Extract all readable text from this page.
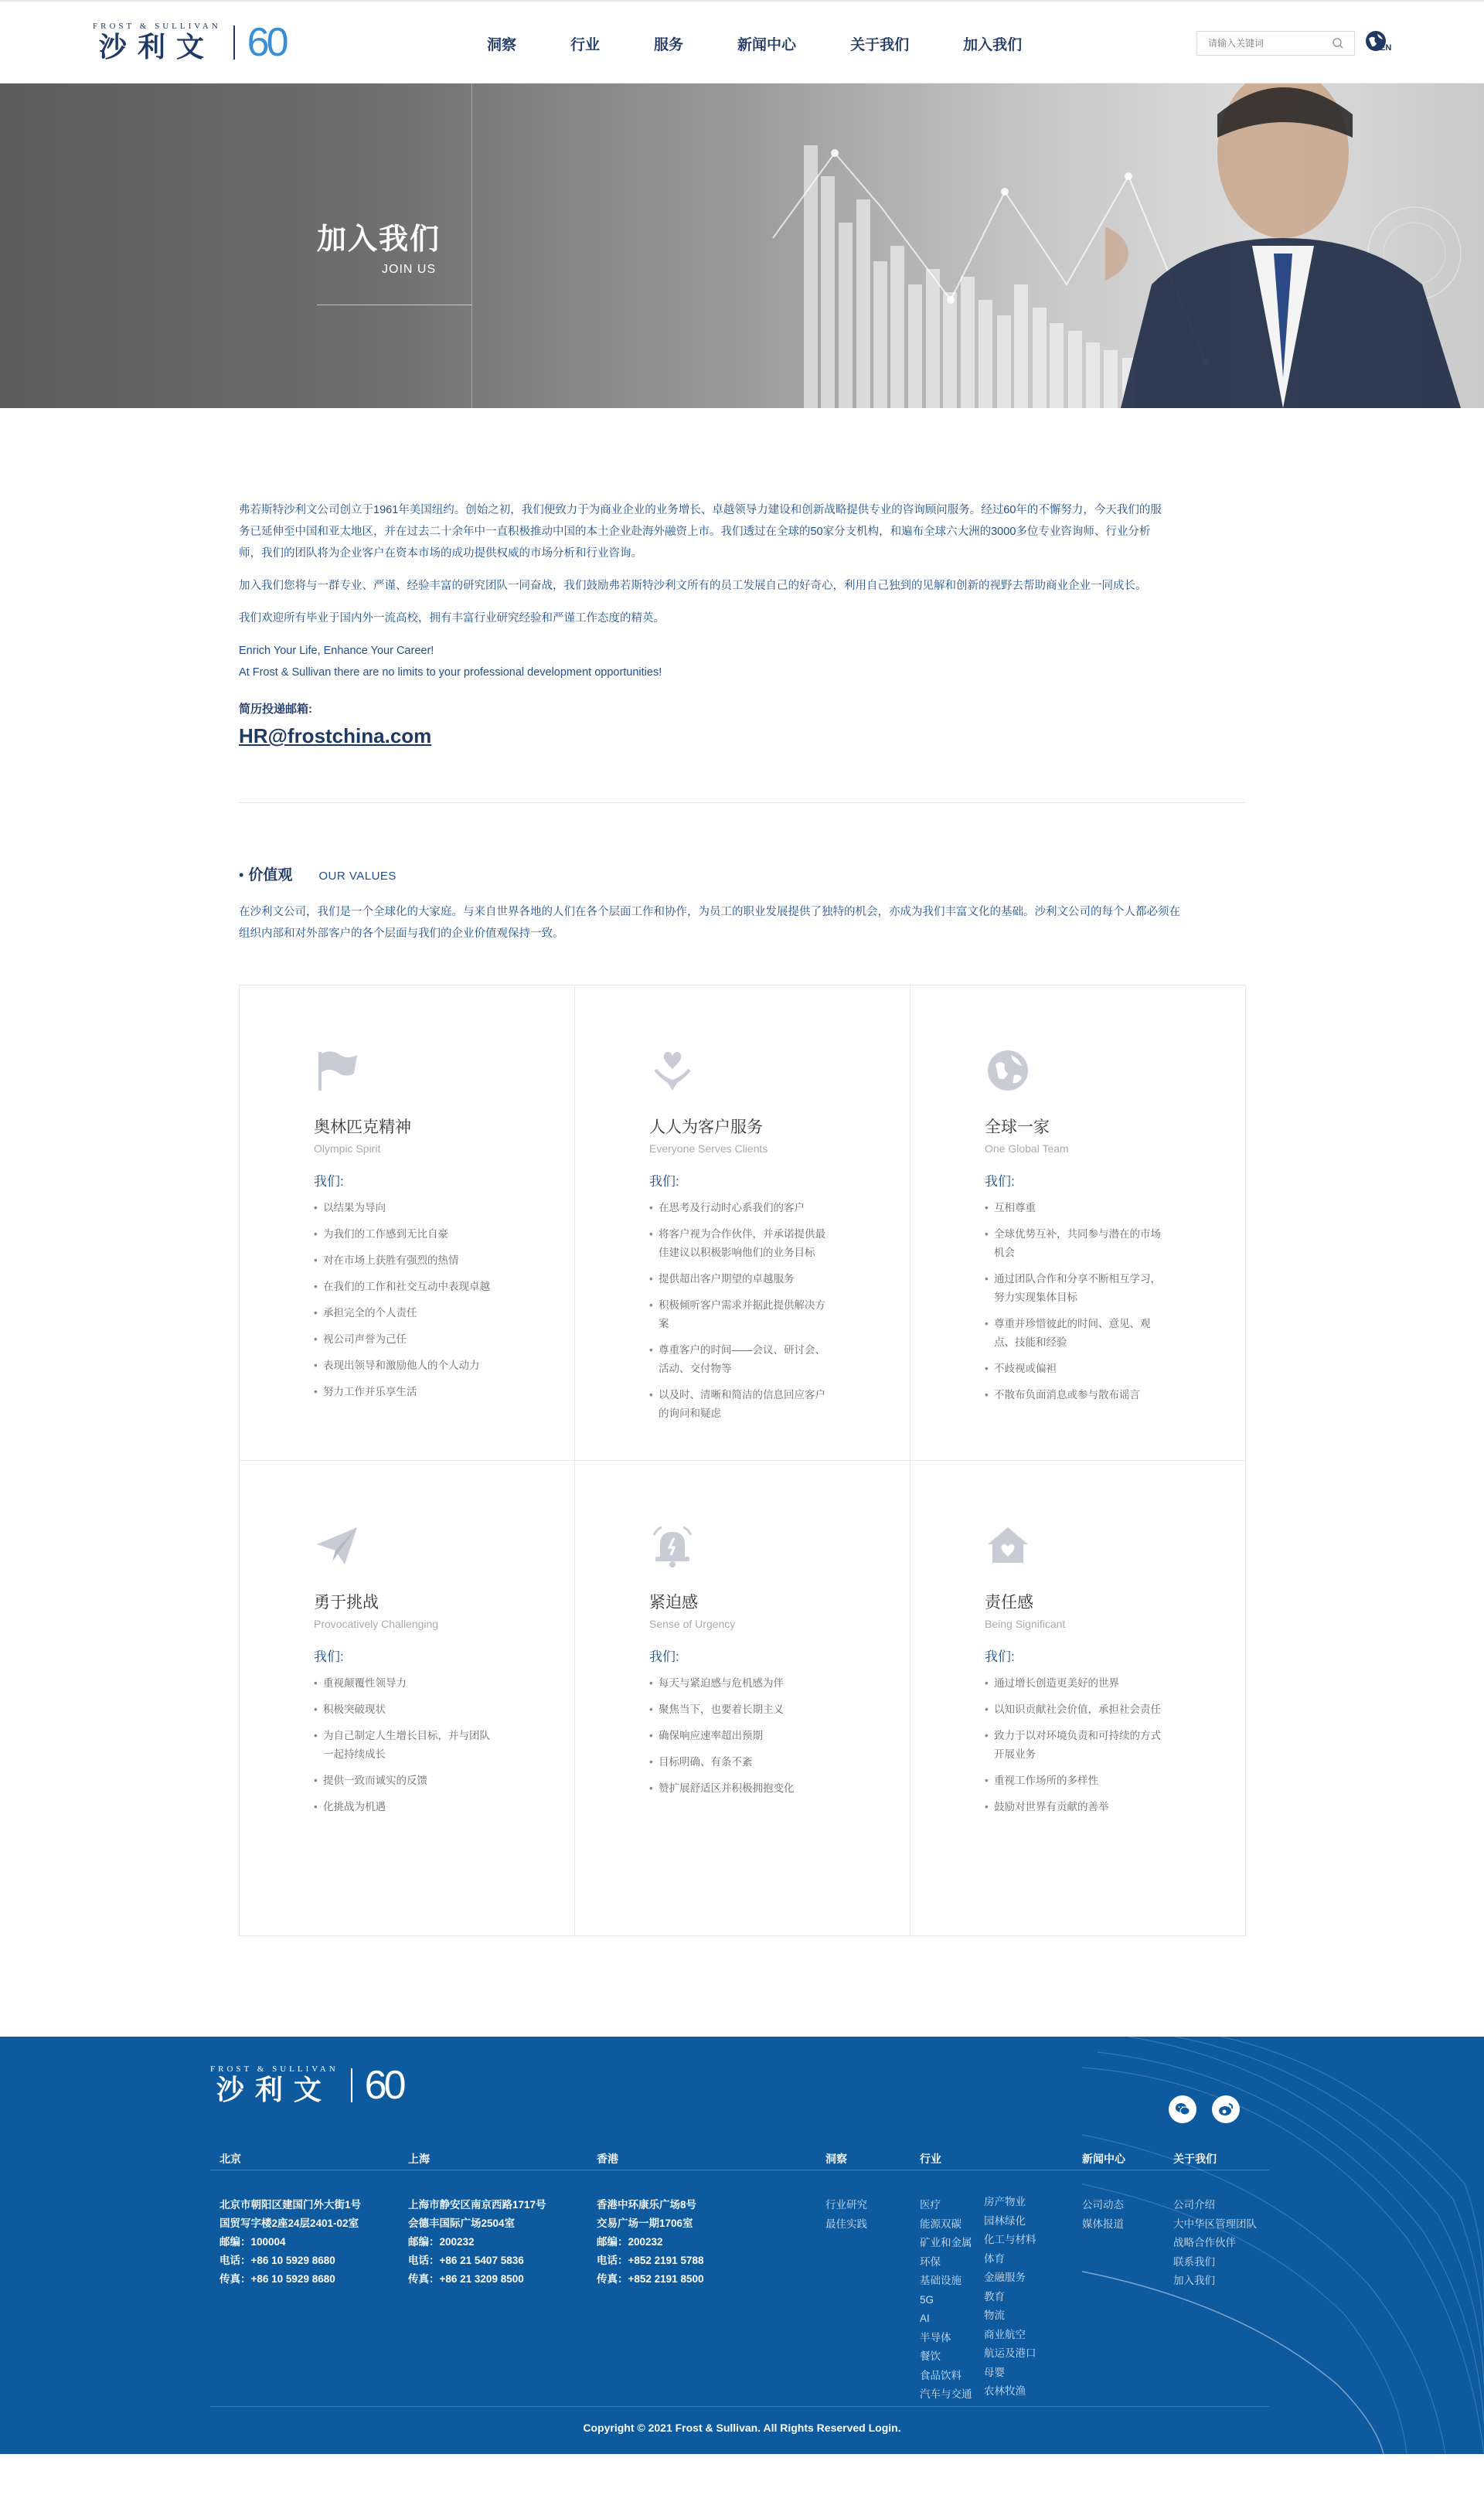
FROST & SULLIVAN
沙利文 60	洞察	行业	服务	新闻中心	关于我们	加入我们
请输入关键词	EN
加入我们
JOIN US

弗若斯特沙利文公司创立于1961年美国纽约。创始之初，我们便致力于为商业企业的业务增长、卓越领导力建设和创新战略提供专业的咨询顾问服务。经过60年的不懈努力，今天我们的服务已延伸至中国和亚太地区，并在过去二十余年中一直积极推动中国的本土企业赴海外融资上市。我们透过在全球的50家分支机构，和遍布全球六大洲的3000多位专业咨询师、行业分析师，我们的团队将为企业客户在资本市场的成功提供权威的市场分析和行业咨询。

加入我们您将与一群专业、严谨、经验丰富的研究团队一同奋战，我们鼓励弗若斯特沙利文所有的员工发展自己的好奇心，利用自己独到的见解和创新的视野去帮助商业企业一同成长。

我们欢迎所有毕业于国内外一流高校，拥有丰富行业研究经验和严谨工作态度的精英。

Enrich Your Life, Enhance Your Career!

At Frost & Sullivan there are no limits to your professional development opportunities!

简历投递邮箱:
HR@frostchina.com
• 价值观 OUR VALUES
在沙利文公司，我们是一个全球化的大家庭。与来自世界各地的人们在各个层面工作和协作，为员工的职业发展提供了独特的机会，亦成为我们丰富文化的基础。沙利文公司的每个人都必须在组织内部和对外部客户的各个层面与我们的企业价值观保持一致。
奥林匹克精神
Olympic Spirit
我们:
• 以结果为导向
• 为我们的工作感到无比自豪
• 对在市场上获胜有强烈的热情
• 在我们的工作和社交互动中表现卓越
• 承担完全的个人责任
• 视公司声誉为己任
• 表现出领导和激励他人的个人动力
• 努力工作并乐享生活
人人为客户服务
Everyone Serves Clients
我们:
• 在思考及行动时心系我们的客户
• 将客户视为合作伙伴，并承诺提供最佳建议以积极影响他们的业务目标
• 提供超出客户期望的卓越服务
• 积极倾听客户需求并据此提供解决方案
• 尊重客户的时间——会议、研讨会、活动、交付物等
• 以及时、清晰和简洁的信息回应客户的询问和疑虑
全球一家
One Global Team
我们:
• 互相尊重
• 全球优势互补，共同参与潜在的市场机会
• 通过团队合作和分享不断相互学习，努力实现集体目标
• 尊重并珍惜彼此的时间、意见、观点、技能和经验
• 不歧视或偏袒
• 不散布负面消息或参与散布谣言
勇于挑战
Provocatively Challenging
我们:
• 重视颠覆性领导力
• 积极突破现状
• 为自己制定人生增长目标，并与团队一起持续成长
• 提供一致而诚实的反馈
• 化挑战为机遇
紧迫感
Sense of Urgency
我们:
• 每天与紧迫感与危机感为伴
• 聚焦当下，也要着长期主义
• 确保响应速率超出预期
• 目标明确、有条不紊
• 赞扩展舒适区并积极拥抱变化
责任感
Being Significant
我们:
• 通过增长创造更美好的世界
• 以知识贡献社会价值，承担社会责任
• 致力于以对环境负责和可持续的方式开展业务
• 重视工作场所的多样性
• 鼓励对世界有贡献的善举
FROST & SULLIVAN
沙利文 60
北京
北京市朝阳区建国门外大街1号
国贸写字楼2座24层2401-02室
邮编：100004
电话：+86 10 5929 8680
传真：+86 10 5929 8680
上海
上海市静安区南京西路1717号
会德丰国际广场2504室
邮编：200232
电话：+86 21 5407 5836
传真：+86 21 3209 8500
香港
香港中环康乐广场8号
交易广场一期1706室
邮编：200232
电话：+852 2191 5788
传真：+852 2191 8500
洞察
行业研究
最佳实践
行业
医疗
能源双碳
矿业和金属
环保
基础设施
5G
AI
半导体
餐饮
食品饮料
汽车与交通

房产物业
园林绿化
化工与材料
体育
金融服务
教育
物流
商业航空
航运及港口
母婴
农林牧渔
新闻中心
公司动态
媒体报道
关于我们
公司介绍
大中华区管理团队
战略合作伙伴
联系我们
加入我们
Copyright © 2021 Frost & Sullivan. All Rights Reserved Login.
